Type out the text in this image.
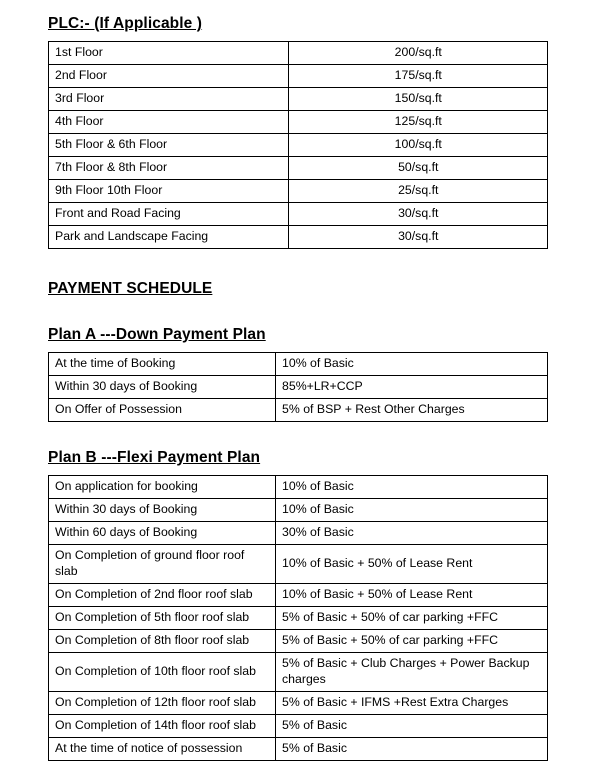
PLC:- (If Applicable )
1st Floor	200/sq.ft
2nd Floor	175/sq.ft
3rd Floor	150/sq.ft
4th Floor	125/sq.ft
5th Floor & 6th Floor	100/sq.ft
7th Floor & 8th Floor	50/sq.ft
9th Floor 10th Floor	25/sq.ft
Front and Road Facing	30/sq.ft
Park and Landscape Facing	30/sq.ft
PAYMENT SCHEDULE
Plan A ---Down Payment Plan
At the time of Booking	10% of Basic
Within 30 days of Booking	85%+LR+CCP
On Offer of Possession	5% of BSP + Rest Other Charges
Plan B ---Flexi Payment Plan
On application for booking	10% of Basic
Within 30 days of Booking	10% of Basic
Within 60 days of Booking	30% of Basic
On Completion of ground floor roof slab	10% of Basic + 50% of Lease Rent
On Completion of 2nd floor roof slab	10% of Basic + 50% of Lease Rent
On Completion of 5th floor roof slab	5% of Basic + 50% of car parking +FFC
On Completion of 8th floor roof slab	5% of Basic + 50% of car parking +FFC
On Completion of 10th floor roof slab	5% of Basic + Club Charges + Power Backup charges
On Completion of 12th floor roof slab	5% of Basic + IFMS +Rest Extra Charges
On Completion of 14th floor roof slab	5% of Basic
At the time of notice of possession	5% of Basic
